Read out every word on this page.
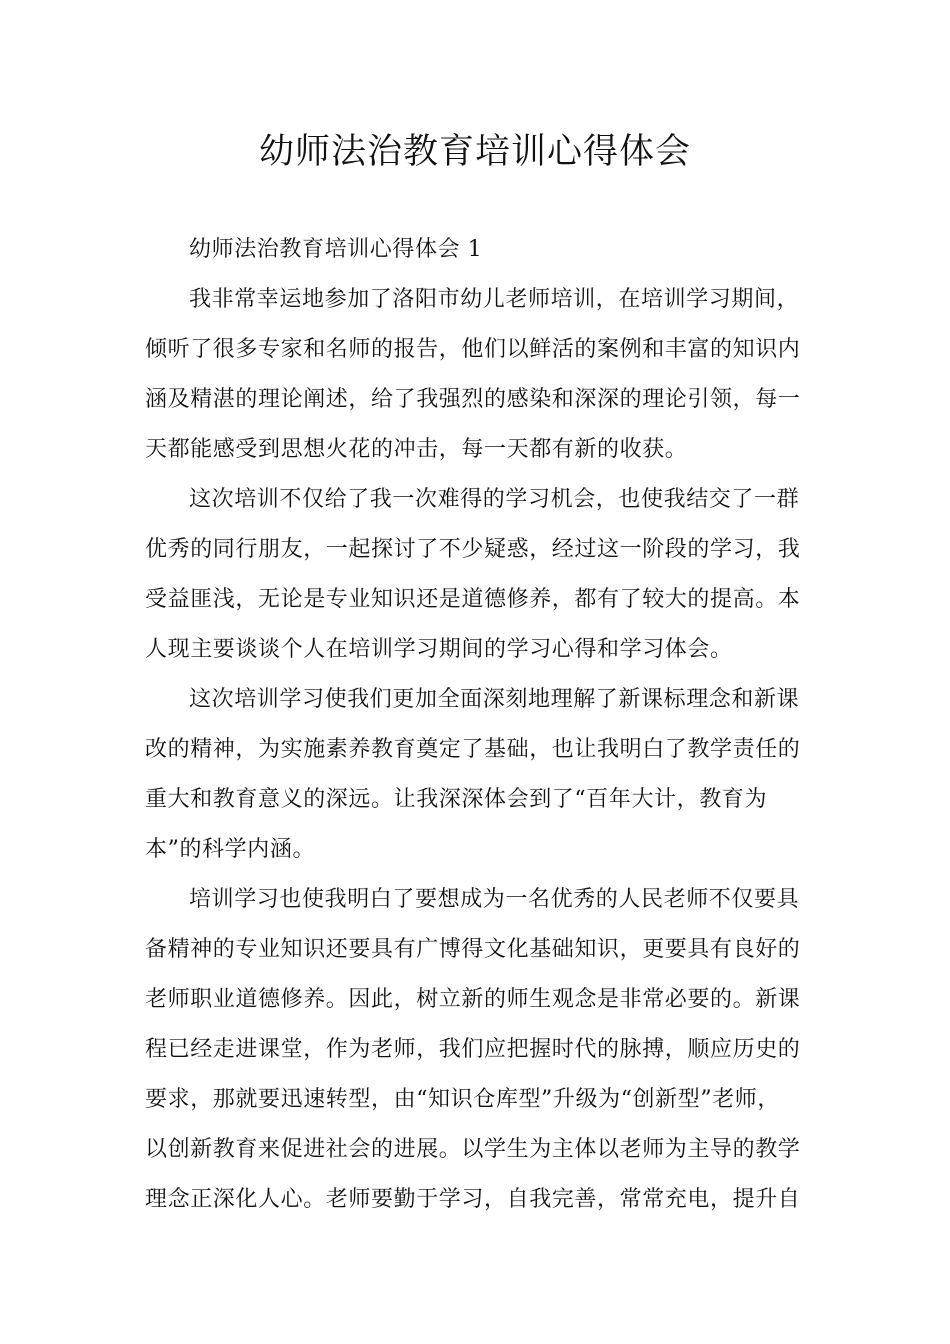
幼师法治教育培训心得体会
幼师法治教育培训心得体会 1
我非常幸运地参加了洛阳市幼儿老师培训，在培训学习期间，
倾听了很多专家和名师的报告，他们以鲜活的案例和丰富的知识内
涵及精湛的理论阐述，给了我强烈的感染和深深的理论引领，每一
天都能感受到思想火花的冲击，每一天都有新的收获。
这次培训不仅给了我一次难得的学习机会，也使我结交了一群
优秀的同行朋友，一起探讨了不少疑惑，经过这一阶段的学习，我
受益匪浅，无论是专业知识还是道德修养，都有了较大的提高。本
人现主要谈谈个人在培训学习期间的学习心得和学习体会。
这次培训学习使我们更加全面深刻地理解了新课标理念和新课
改的精神，为实施素养教育奠定了基础，也让我明白了教学责任的
重大和教育意义的深远。让我深深体会到了“百年大计，教育为
本”的科学内涵。
培训学习也使我明白了要想成为一名优秀的人民老师不仅要具
备精神的专业知识还要具有广博得文化基础知识，更要具有良好的
老师职业道德修养。因此，树立新的师生观念是非常必要的。新课
程已经走进课堂，作为老师，我们应把握时代的脉搏，顺应历史的
要求，那就要迅速转型，由“知识仓库型”升级为“创新型”老师，
以创新教育来促进社会的进展。以学生为主体以老师为主导的教学
理念正深化人心。老师要勤于学习，自我完善，常常充电，提升自
